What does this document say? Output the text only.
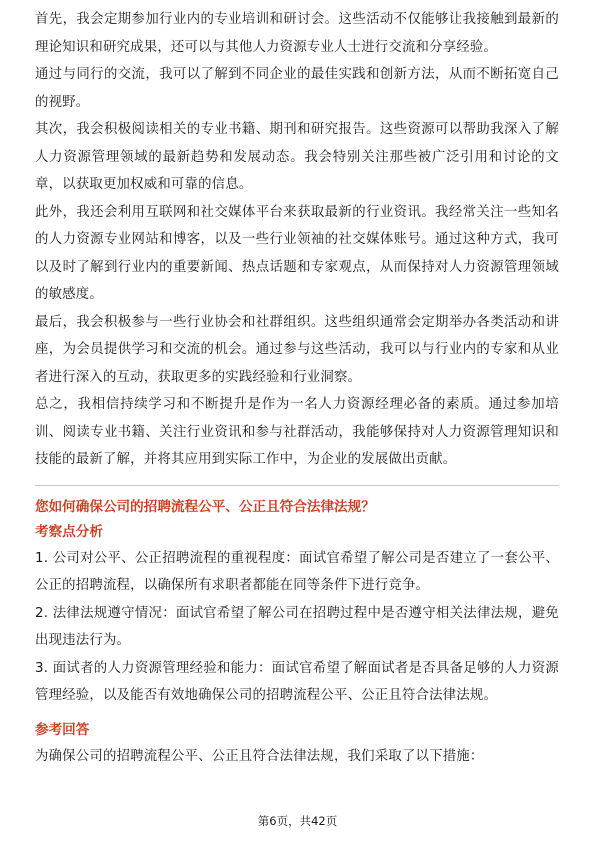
首先，我会定期参加行业内的专业培训和研讨会。这些活动不仅能够让我接触到最新的理论知识和研究成果，还可以与其他人力资源专业人士进行交流和分享经验。

通过与同行的交流，我可以了解到不同企业的最佳实践和创新方法，从而不断拓宽自己的视野。

其次，我会积极阅读相关的专业书籍、期刊和研究报告。这些资源可以帮助我深入了解人力资源管理领域的最新趋势和发展动态。我会特别关注那些被广泛引用和讨论的文章，以获取更加权威和可靠的信息。

此外，我还会利用互联网和社交媒体平台来获取最新的行业资讯。我经常关注一些知名的人力资源专业网站和博客，以及一些行业领袖的社交媒体账号。通过这种方式，我可以及时了解到行业内的重要新闻、热点话题和专家观点，从而保持对人力资源管理领域的敏感度。

最后，我会积极参与一些行业协会和社群组织。这些组织通常会定期举办各类活动和讲座，为会员提供学习和交流的机会。通过参与这些活动，我可以与行业内的专家和从业者进行深入的互动，获取更多的实践经验和行业洞察。

总之，我相信持续学习和不断提升是作为一名人力资源经理必备的素质。通过参加培训、阅读专业书籍、关注行业资讯和参与社群活动，我能够保持对人力资源管理知识和技能的最新了解，并将其应用到实际工作中，为企业的发展做出贡献。

您如何确保公司的招聘流程公平、公正且符合法律法规？

考察点分析

1. 公司对公平、公正招聘流程的重视程度：面试官希望了解公司是否建立了一套公平、公正的招聘流程，以确保所有求职者都能在同等条件下进行竞争。

2. 法律法规遵守情况：面试官希望了解公司在招聘过程中是否遵守相关法律法规，避免出现违法行为。

3. 面试者的人力资源管理经验和能力：面试官希望了解面试者是否具备足够的人力资源管理经验，以及能否有效地确保公司的招聘流程公平、公正且符合法律法规。

参考回答

为确保公司的招聘流程公平、公正且符合法律法规，我们采取了以下措施：

第6页，共42页
